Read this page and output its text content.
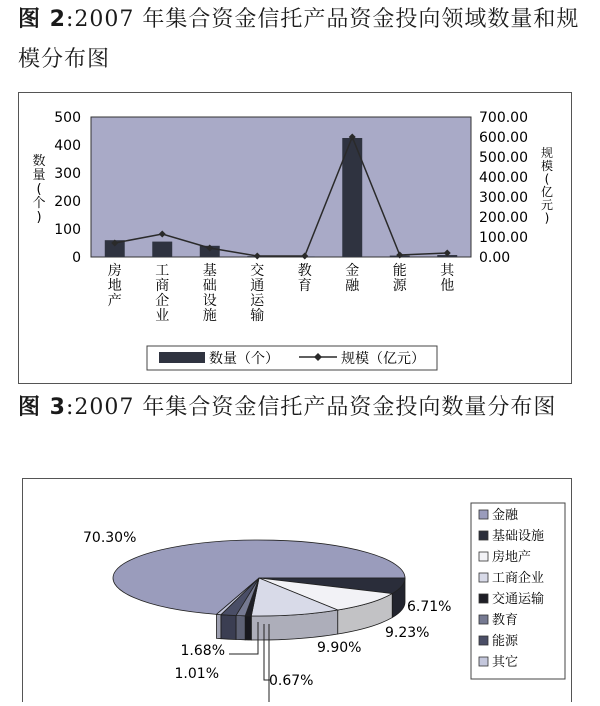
图 2:2007 年集合资金信托产品资金投向领域数量和规模分布图
500
400
300
200
100
0
700.00
600.00
500.00
400.00
300.00
200.00
100.00
0.00
数
量
(
个
)
规
模
(
亿
元
)
房
地
产
工
商
企
业
基
础
设
施
交
通
运
输
教
育
金
融
能
源
其
他
数量（个）	规模（亿元）
图 3:2007 年集合资金信托产品资金投向数量分布图
70.30%
6.71%
9.23%
9.90%
0.67%
1.01%
1.68%
金融
基础设施
房地产
工商企业
交通运输
教育
能源
其它
